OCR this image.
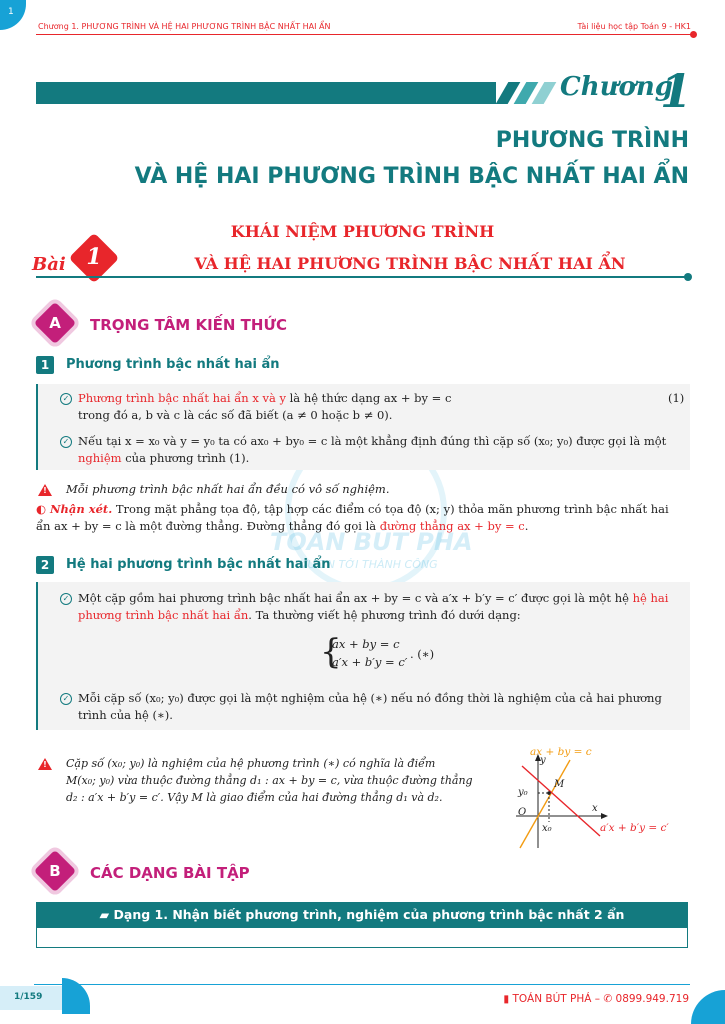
1
Chương 1. PHƯƠNG TRÌNH VÀ HỆ HAI PHƯƠNG TRÌNH BẬC NHẤT HAI ẨN	Tài liệu học tập Toán 9 - HK1
TOÁN BÚT PHÁ
VƯƠN TỚI THÀNH CÔNG
Chương
1
PHƯƠNG TRÌNH
VÀ HỆ HAI PHƯƠNG TRÌNH BẬC NHẤT HAI ẨN
KHÁI NIỆM PHƯƠNG TRÌNH
VÀ HỆ HAI PHƯƠNG TRÌNH BẬC NHẤT HAI ẨN
Bài 1
A	TRỌNG TÂM KIẾN THỨC
1	Phương trình bậc nhất hai ẩn
✓ Phương trình bậc nhất hai ẩn x và y là hệ thức dạng ax + by = c	(1)
trong đó a, b và c là các số đã biết (a ≠ 0 hoặc b ≠ 0).
✓ Nếu tại x = x₀ và y = y₀ ta có ax₀ + by₀ = c là một khẳng định đúng thì cặp số (x₀; y₀) được gọi là một
nghiệm của phương trình (1).
!	Mỗi phương trình bậc nhất hai ẩn đều có vô số nghiệm.
◐ Nhận xét. Trong mặt phẳng tọa độ, tập hợp các điểm có tọa độ (x; y) thỏa mãn phương trình bậc nhất hai
ẩn ax + by = c là một đường thẳng. Đường thẳng đó gọi là đường thẳng ax + by = c.
2	Hệ hai phương trình bậc nhất hai ẩn
✓ Một cặp gồm hai phương trình bậc nhất hai ẩn ax + by = c và a′x + b′y = c′ được gọi là một hệ hệ hai
phương trình bậc nhất hai ẩn. Ta thường viết hệ phương trình đó dưới dạng:
{
ax + by = c
a′x + b′y = c′
. (∗)
✓ Mỗi cặp số (x₀; y₀) được gọi là một nghiệm của hệ (∗) nếu nó đồng thời là nghiệm của cả hai phương
trình của hệ (∗).
!	Cặp số (x₀; y₀) là nghiệm của hệ phương trình (∗) có nghĩa là điểm
M(x₀; y₀) vừa thuộc đường thẳng d₁ : ax + by = c, vừa thuộc đường thẳng
d₂ : a′x + b′y = c′. Vậy M là giao điểm của hai đường thẳng d₁ và d₂.
ax + by = c
a′x + b′y = c′
y
x
O
M
x₀
y₀
B	CÁC DẠNG BÀI TẬP
▰ Dạng 1. Nhận biết phương trình, nghiệm của phương trình bậc nhất 2 ẩn
1/159	▮ TOÁN BÚT PHÁ – ✆ 0899.949.719
